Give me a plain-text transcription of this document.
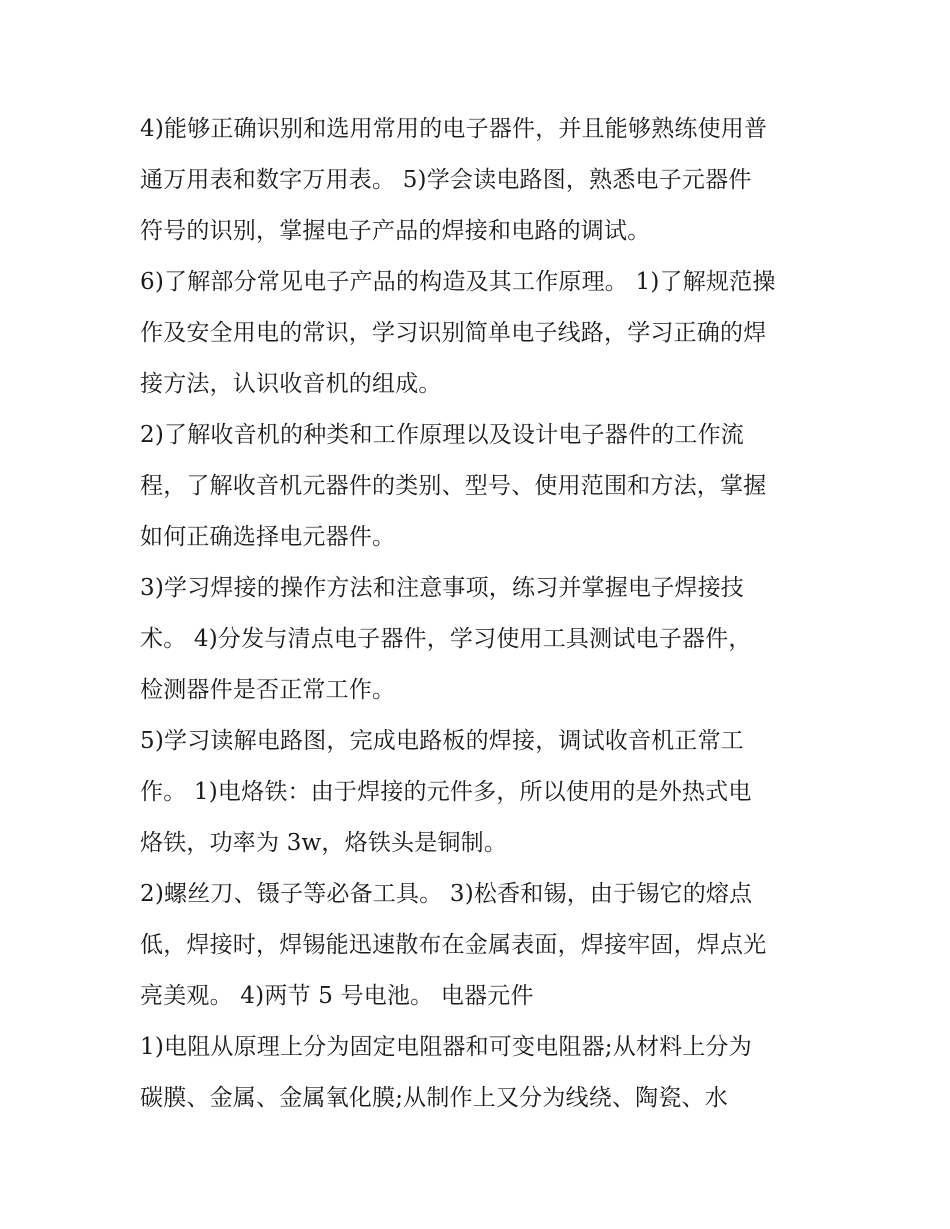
4)能够正确识别和选用常用的电子器件，并且能够熟练使用普
通万用表和数字万用表。 5)学会读电路图，熟悉电子元器件
符号的识别，掌握电子产品的焊接和电路的调试。

6)了解部分常见电子产品的构造及其工作原理。 1)了解规范操
作及安全用电的常识，学习识别简单电子线路，学习正确的焊
接方法，认识收音机的组成。

2)了解收音机的种类和工作原理以及设计电子器件的工作流
程，了解收音机元器件的类别、型号、使用范围和方法，掌握
如何正确选择电元器件。

3)学习焊接的操作方法和注意事项，练习并掌握电子焊接技
术。 4)分发与清点电子器件，学习使用工具测试电子器件，
检测器件是否正常工作。

5)学习读解电路图，完成电路板的焊接，调试收音机正常工
作。 1)电烙铁：由于焊接的元件多，所以使用的是外热式电
烙铁，功率为 3w，烙铁头是铜制。

2)螺丝刀、镊子等必备工具。 3)松香和锡，由于锡它的熔点
低，焊接时，焊锡能迅速散布在金属表面，焊接牢固，焊点光
亮美观。 4)两节 5 号电池。 电器元件

1)电阻从原理上分为固定电阻器和可变电阻器;从材料上分为
碳膜、金属、金属氧化膜;从制作上又分为线绕、陶瓷、水
